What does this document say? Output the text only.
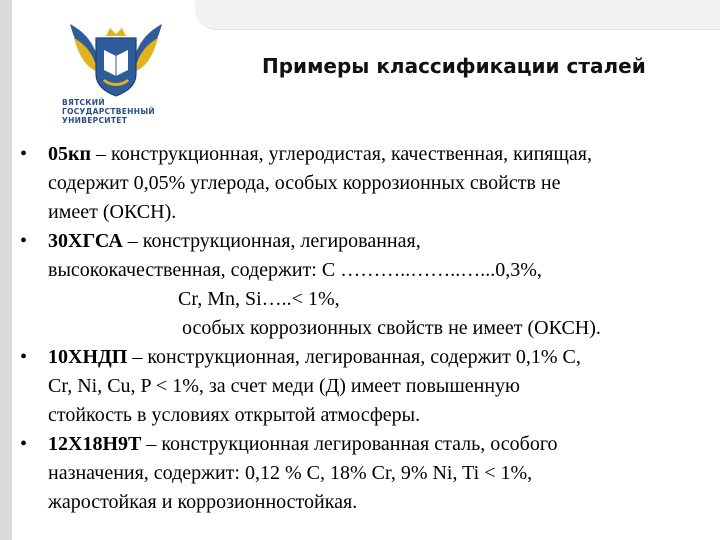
ВЯТСКИЙ
ГОСУДАРСТВЕННЫЙ
УНИВЕРСИТЕТ
Примеры классификации сталей
• 05кп – конструкционная, углеродистая, качественная, кипящая,
содержит 0,05% углерода, особых коррозионных свойств не
имеет (ОКСН).
• 30ХГСА – конструкционная, легированная,
высококачественная, содержит: С ………..……..…...0,3%,
Cr, Mn, Si…..< 1%,
особых коррозионных свойств не имеет (ОКСН).
• 10ХНДП – конструкционная, легированная, содержит 0,1% С,
Cr, Ni, Cu, P < 1%, за счет меди (Д) имеет повышенную
стойкость в условиях открытой атмосферы.
• 12Х18Н9Т – конструкционная легированная сталь, особого
назначения, содержит: 0,12 % С, 18% Cr, 9% Ni, Ti < 1%,
жаростойкая и коррозионностойкая.
